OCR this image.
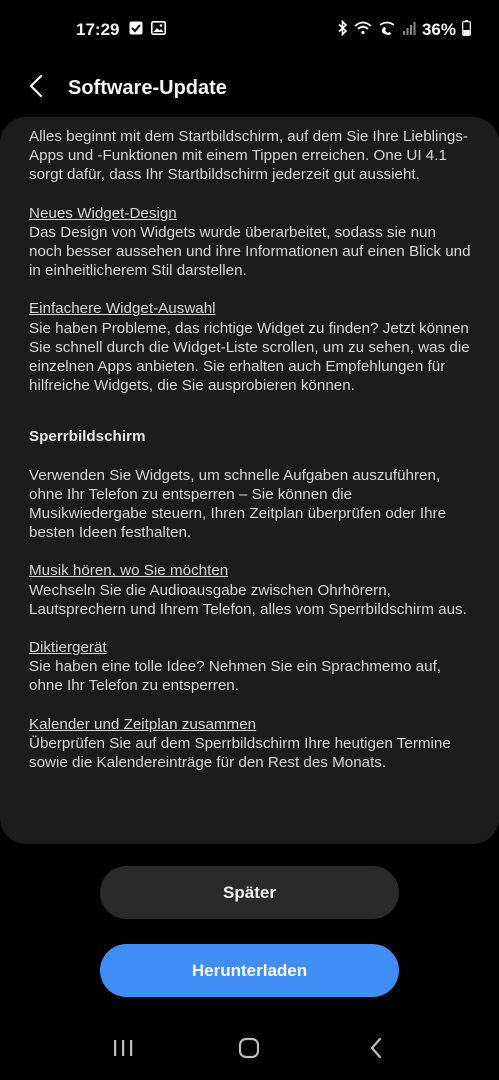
17:29	36%
Software-Update

Alles beginnt mit dem Startbildschirm, auf dem Sie Ihre Lieblings-Apps und -Funktionen mit einem Tippen erreichen. One UI 4.1 sorgt dafür, dass Ihr Startbildschirm jederzeit gut aussieht.

Neues Widget-Design
Das Design von Widgets wurde überarbeitet, sodass sie nun noch besser aussehen und ihre Informationen auf einen Blick und in einheitlicherem Stil darstellen.
Einfachere Widget-Auswahl
Sie haben Probleme, das richtige Widget zu finden? Jetzt können Sie schnell durch die Widget-Liste scrollen, um zu sehen, was die einzelnen Apps anbieten. Sie erhalten auch Empfehlungen für hilfreiche Widgets, die Sie ausprobieren können.
Sperrbildschirm

Verwenden Sie Widgets, um schnelle Aufgaben auszuführen, ohne Ihr Telefon zu entsperren – Sie können die Musikwiedergabe steuern, Ihren Zeitplan überprüfen oder Ihre besten Ideen festhalten.

Musik hören, wo Sie möchten
Wechseln Sie die Audioausgabe zwischen Ohrhörern, Lautsprechern und Ihrem Telefon, alles vom Sperrbildschirm aus.
Diktiergerät
Sie haben eine tolle Idee? Nehmen Sie ein Sprachmemo auf, ohne Ihr Telefon zu entsperren.
Kalender und Zeitplan zusammen
Überprüfen Sie auf dem Sperrbildschirm Ihre heutigen Termine sowie die Kalendereinträge für den Rest des Monats.
Später
Herunterladen
